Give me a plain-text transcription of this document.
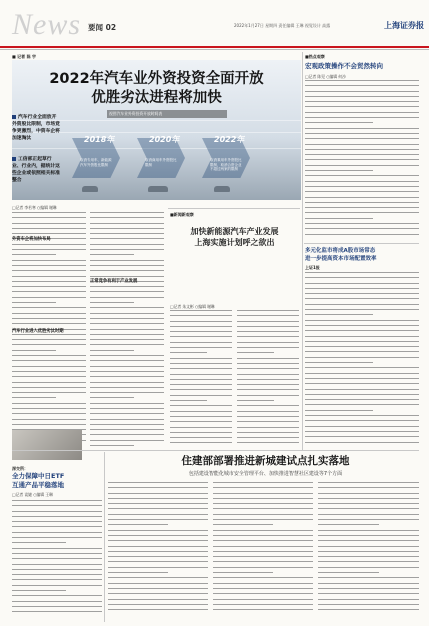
News 要闻 02	2022年1月27日 星期四 责任编辑 王琳 视觉设计 高露	上海证券报
■ 记者 陈 宇
2022年汽车业外资投资全面开放
优胜劣汰进程将加快
视图汽车业外资投资开放时间表
2018年	2020年	2022年
取消专用车、新能源汽车外资股比限制
取消商用车外资股比限制
取消乘用车外资股比限制，取消合资企业不超过两家的限制
汽车行业全面放开外资股比限制，市场竞争更激烈，中资车企将加速淘汰
工信部正起草行业、行业内，据统计这些企业或依照相关标准整合
□记者 李若寒 ○编辑 谢琳
外资车企将加快布局
汽车行业进入优胜劣汰时期
正常竞争有利于产业发展
■新闻新观察
加快新能源汽车产业发展
上海实施计划呼之欲出
□记者 朱文彬 ○编辑 谢琳
■热点观察
宏观政策操作不会贸然转向
□记者 陈见 ○编辑 何沙
多元化监市将成A股市场常态
进一步提高资本市场配置效率
上证1报
深交所：
全力保障中日ETF
互通产品平稳落地
□记者 谈婕 ○编辑 王琳
住建部部署推进新城建试点扎实落地
包括建设智能化城市安全管理平台、加快推进智慧社区建设等7个方面
